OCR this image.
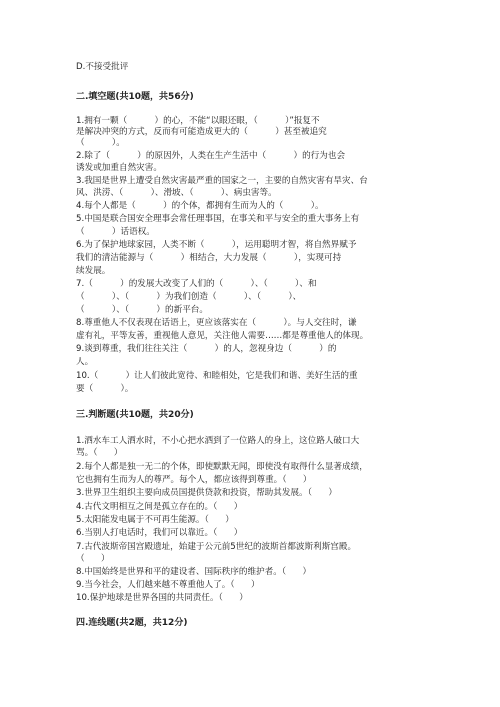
D.不接受批评
二.填空题(共10题，共56分)
1.拥有一颗（          ）的心，不能“以眼还眼，（          ）”报复不
是解决冲突的方式，反而有可能造成更大的（          ）甚至被追究
（          ）。
2.除了（          ）的原因外，人类在生产生活中（          ）的行为也会
诱发或加重自然灾害。
3.我国是世界上遭受自然灾害最严重的国家之一，主要的自然灾害有旱灾、台
风、洪涝、（          ）、滑坡、（          ）、病虫害等。
4.每个人都是（          ）的个体，都拥有生而为人的（          ）。
5.中国是联合国安全理事会常任理事国，在事关和平与安全的重大事务上有
（          ）话语权。
6.为了保护地球家园，人类不断（          ），运用聪明才智，将自然界赋予
我们的清洁能源与（          ）相结合，大力发展（          ），实现可持
续发展。
7.（          ）的发展大改变了人们的（          ）、（          ）、和
（          ）、（          ）为我们创造（          ）、（          ）、
（          ）、（          ）的新平台。
8.尊重他人不仅表现在话语上，更应该落实在（          ）。与人交往时，谦
虚有礼，平等友善，重视他人意见，关注他人需要……都是尊重他人的体现。
9.谈到尊重，我们往往关注（          ）的人，忽视身边（          ）的
人。
10.（          ）让人们彼此宽待、和睦相处，它是我们和谐、美好生活的重
要（          ）。
三.判断题(共10题，共20分)
1.洒水车工人洒水时，不小心把水洒到了一位路人的身上，这位路人破口大
骂。（      ）
2.每个人都是独一无二的个体，即使默默无闻，即使没有取得什么显著成绩，
它也拥有生而为人的尊严。每个人，都应该得到尊重。（      ）
3.世界卫生组织主要向成员国提供贷款和投资，帮助其发展。（      ）
4.古代文明相互之间是孤立存在的。（      ）
5.太阳能发电属于不可再生能源。（      ）
6.当别人打电话时，我们可以靠近。（      ）
7.古代波斯帝国宫殿遗址，始建于公元前5世纪的波斯首都波斯利斯宫殿。
（      ）
8.中国始终是世界和平的建设者、国际秩序的维护者。（      ）
9.当今社会，人们越来越不尊重他人了。（      ）
10.保护地球是世界各国的共同责任。（      ）
四.连线题(共2题，共12分)
